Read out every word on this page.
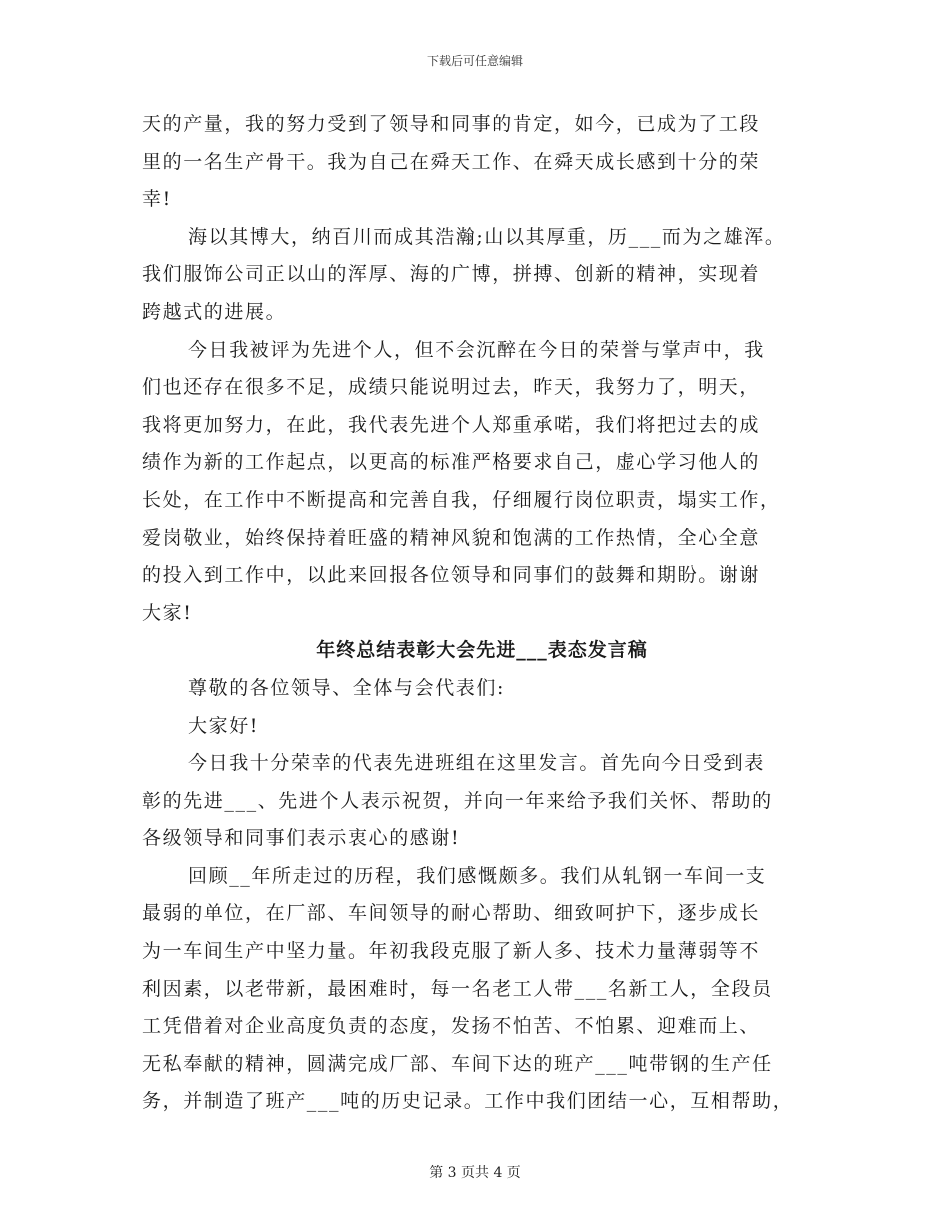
下载后可任意编辑
天的产量，我的努力受到了领导和同事的肯定，如今，已成为了工段
里的一名生产骨干。我为自己在舜天工作、在舜天成长感到十分的荣
幸!
海以其博大，纳百川而成其浩瀚;山以其厚重，历___而为之雄浑。
我们服饰公司正以山的浑厚、海的广博，拼搏、创新的精神，实现着
跨越式的进展。
今日我被评为先进个人，但不会沉醉在今日的荣誉与掌声中，我
们也还存在很多不足，成绩只能说明过去，昨天，我努力了，明天，
我将更加努力，在此，我代表先进个人郑重承喏，我们将把过去的成
绩作为新的工作起点，以更高的标准严格要求自己，虚心学习他人的
长处，在工作中不断提高和完善自我，仔细履行岗位职责，塌实工作，
爱岗敬业，始终保持着旺盛的精神风貌和饱满的工作热情，全心全意
的投入到工作中，以此来回报各位领导和同事们的鼓舞和期盼。谢谢
大家!
年终总结表彰大会先进___表态发言稿
尊敬的各位领导、全体与会代表们:
大家好!
今日我十分荣幸的代表先进班组在这里发言。首先向今日受到表
彰的先进___、先进个人表示祝贺，并向一年来给予我们关怀、帮助的
各级领导和同事们表示衷心的感谢!
回顾__年所走过的历程，我们感慨颇多。我们从轧钢一车间一支
最弱的单位，在厂部、车间领导的耐心帮助、细致呵护下，逐步成长
为一车间生产中坚力量。年初我段克服了新人多、技术力量薄弱等不
利因素，以老带新，最困难时，每一名老工人带___名新工人，全段员
工凭借着对企业高度负责的态度，发扬不怕苦、不怕累、迎难而上、
无私奉献的精神，圆满完成厂部、车间下达的班产___吨带钢的生产任
务，并制造了班产___吨的历史记录。工作中我们团结一心，互相帮助，
第 3 页共 4 页
